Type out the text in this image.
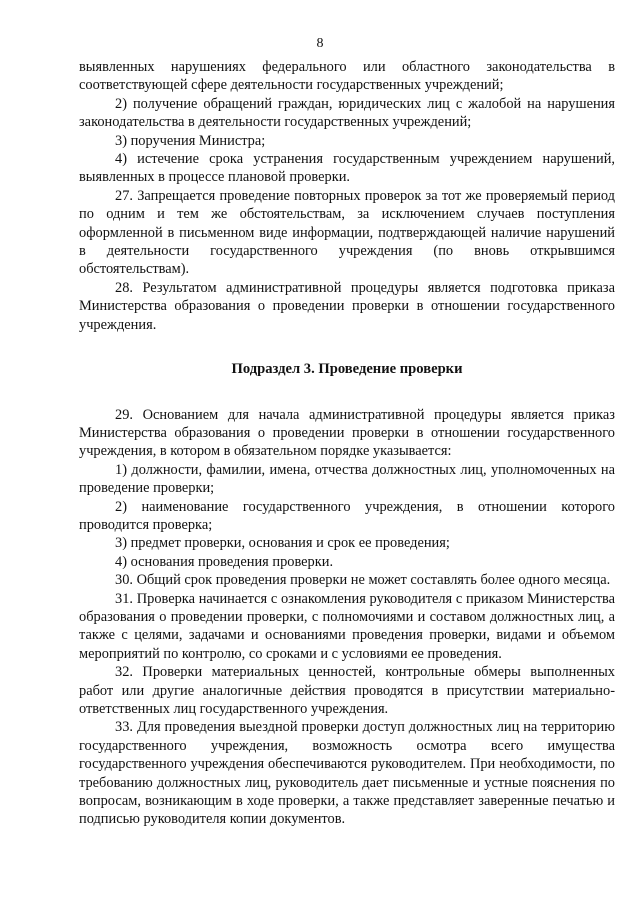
8

выявленных нарушениях федерального или областного законодательства в соответствующей сфере деятельности государственных учреждений;

2) получение обращений граждан, юридических лиц с жалобой на нарушения законодательства в деятельности государственных учреждений;

3) поручения Министра;

4) истечение срока устранения государственным учреждением нарушений, выявленных в процессе плановой проверки.

27. Запрещается проведение повторных проверок за тот же проверяемый период по одним и тем же обстоятельствам, за исключением случаев поступления оформленной в письменном виде информации, подтверждающей наличие нарушений в деятельности государственного учреждения (по вновь открывшимся обстоятельствам).

28. Результатом административной процедуры является подготовка приказа Министерства образования о проведении проверки в отношении государственного учреждения.

Подраздел 3. Проведение проверки

29. Основанием для начала административной процедуры является приказ Министерства образования о проведении проверки в отношении государственного учреждения, в котором в обязательном порядке указывается:

1) должности, фамилии, имена, отчества должностных лиц, уполномоченных на проведение проверки;

2) наименование государственного учреждения, в отношении которого проводится проверка;

3) предмет проверки, основания и срок ее проведения;

4) основания проведения проверки.

30. Общий срок проведения проверки не может составлять более одного месяца.

31. Проверка начинается с ознакомления руководителя с приказом Министерства образования о проведении проверки, с полномочиями и составом должностных лиц, а также с целями, задачами и основаниями проведения проверки, видами и объемом мероприятий по контролю, со сроками и с условиями ее проведения.

32. Проверки материальных ценностей, контрольные обмеры выполненных работ или другие аналогичные действия проводятся в присутствии материально-ответственных лиц государственного учреждения.

33. Для проведения выездной проверки доступ должностных лиц на территорию государственного учреждения, возможность осмотра всего имущества государственного учреждения обеспечиваются руководителем. При необходимости, по требованию должностных лиц, руководитель дает письменные и устные пояснения по вопросам, возникающим в ходе проверки, а также представляет заверенные печатью и подписью руководителя копии документов.
